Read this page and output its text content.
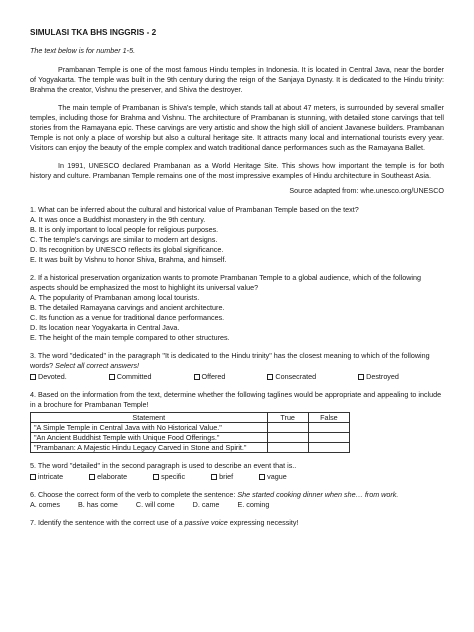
SIMULASI TKA BHS INGGRIS - 2
The text below is for number 1-5.

Prambanan Temple is one of the most famous Hindu temples in Indonesia. It is located in Central Java, near the border of Yogyakarta. The temple was built in the 9th century during the reign of the Sanjaya Dynasty. It is dedicated to the Hindu trinity: Brahma the creator, Vishnu the preserver, and Shiva the destroyer.

The main temple of Prambanan is Shiva's temple, which stands tall at about 47 meters, is surrounded by several smaller temples, including those for Brahma and Vishnu. The architecture of Prambanan is stunning, with detailed stone carvings that tell stories from the Ramayana epic. These carvings are very artistic and show the high skill of ancient Javanese builders. Prambanan Temple is not only a place of worship but also a cultural heritage site. It attracts many local and international tourists every year. Visitors can enjoy the beauty of the emple complex and watch traditional dance performances such as the Ramayana Ballet.

In 1991, UNESCO declared Prambanan as a World Heritage Site. This shows how important the temple is for both history and culture. Prambanan Temple remains one of the most impressive examples of Hindu architecture in Southeast Asia.

Source adapted from: whe.unesco.org/UNESCO

1. What can be inferred about the cultural and historical value of Prambanan Temple based on the text?

A. It was once a Buddhist monastery in the 9th century.
B. It is only important to local people for religious purposes.
C. The temple's carvings are similar to modern art designs.
D. Its recognition by UNESCO reflects its global significance.
E. It was built by Vishnu to honor Shiva, Brahma, and himself.

2. If a historical preservation organization wants to promote Prambanan Temple to a global audience, which of the following aspects should be emphasized the most to highlight its universal value?

A. The popularity of Prambanan among local tourists.
B. The detailed Ramayana carvings and ancient architecture.
C. Its function as a venue for traditional dance performances.
D. Its location near Yogyakarta in Central Java.
E. The height of the main temple compared to other structures.

3. The word "dedicated" in the paragraph "It is dedicated to the Hindu trinity" has the closest meaning to which of the following words? Select all correct answers!

Devoted.	Committed	Offered	Consecrated	Destroyed

4. Based on the information from the text, determine whether the following taglines would be appropriate and appealing to include in a brochure for Prambanan Temple!

Statement	True	False
"A Simple Temple in Central Java with No Historical Value."		
"An Ancient Buddhist Temple with Unique Food Offerings."		
"Prambanan: A Majestic Hindu Legacy Carved in Stone and Spirit."		

5. The word "detailed" in the second paragraph is used to describe an event that is..

intricate	elaborate	specific	brief	vague

6. Choose the correct form of the verb to complete the sentence: She started cooking dinner when she… from work.

A. comes	B. has come	C. will come	D. came	E. coming

7. Identify the sentence with the correct use of a passive voice expressing necessity!
